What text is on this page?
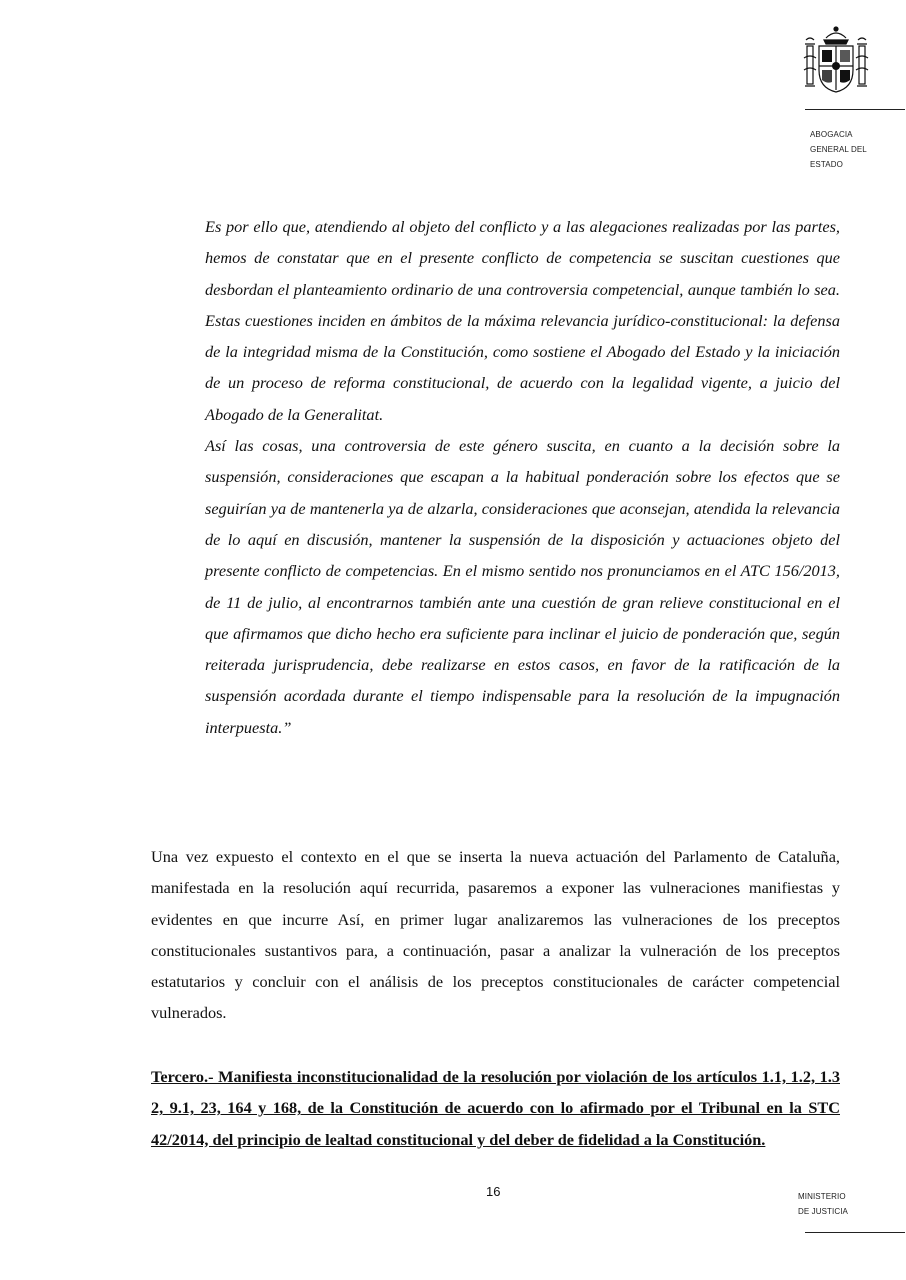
ABOGACIA
GENERAL DEL
ESTADO

Es por ello que, atendiendo al objeto del conflicto y a las alegaciones realizadas por las partes, hemos de constatar que en el presente conflicto de competencia se suscitan cuestiones que desbordan el planteamiento ordinario de una controversia competencial, aunque también lo sea. Estas cuestiones inciden en ámbitos de la máxima relevancia jurídico-constitucional: la defensa de la integridad misma de la Constitución, como sostiene el Abogado del Estado y la iniciación de un proceso de reforma constitucional, de acuerdo con la legalidad vigente, a juicio del Abogado de la Generalitat.

Así las cosas, una controversia de este género suscita, en cuanto a la decisión sobre la suspensión, consideraciones que escapan a la habitual ponderación sobre los efectos que se seguirían ya de mantenerla ya de alzarla, consideraciones que aconsejan, atendida la relevancia de lo aquí en discusión, mantener la suspensión de la disposición y actuaciones objeto del presente conflicto de competencias. En el mismo sentido nos pronunciamos en el ATC 156/2013, de 11 de julio, al encontrarnos también ante una cuestión de gran relieve constitucional en el que afirmamos que dicho hecho era suficiente para inclinar el juicio de ponderación que, según reiterada jurisprudencia, debe realizarse en estos casos, en favor de la ratificación de la suspensión acordada durante el tiempo indispensable para la resolución de la impugnación interpuesta.”

Una vez expuesto el contexto en el que se inserta la nueva actuación del Parlamento de Cataluña, manifestada en la resolución aquí recurrida, pasaremos a exponer las vulneraciones manifiestas y evidentes en que incurre Así, en primer lugar analizaremos las vulneraciones de los preceptos constitucionales sustantivos para, a continuación, pasar a analizar la vulneración de los preceptos estatutarios y concluir con el análisis de los preceptos constitucionales de carácter competencial vulnerados.

Tercero.- Manifiesta inconstitucionalidad de la resolución por violación de los artículos 1.1, 1.2, 1.3 2, 9.1, 23, 164 y 168, de la Constitución de acuerdo con lo afirmado por el Tribunal en la STC 42/2014, del principio de lealtad constitucional y del deber de fidelidad a la Constitución.

16	MINISTERIO
DE JUSTICIA
